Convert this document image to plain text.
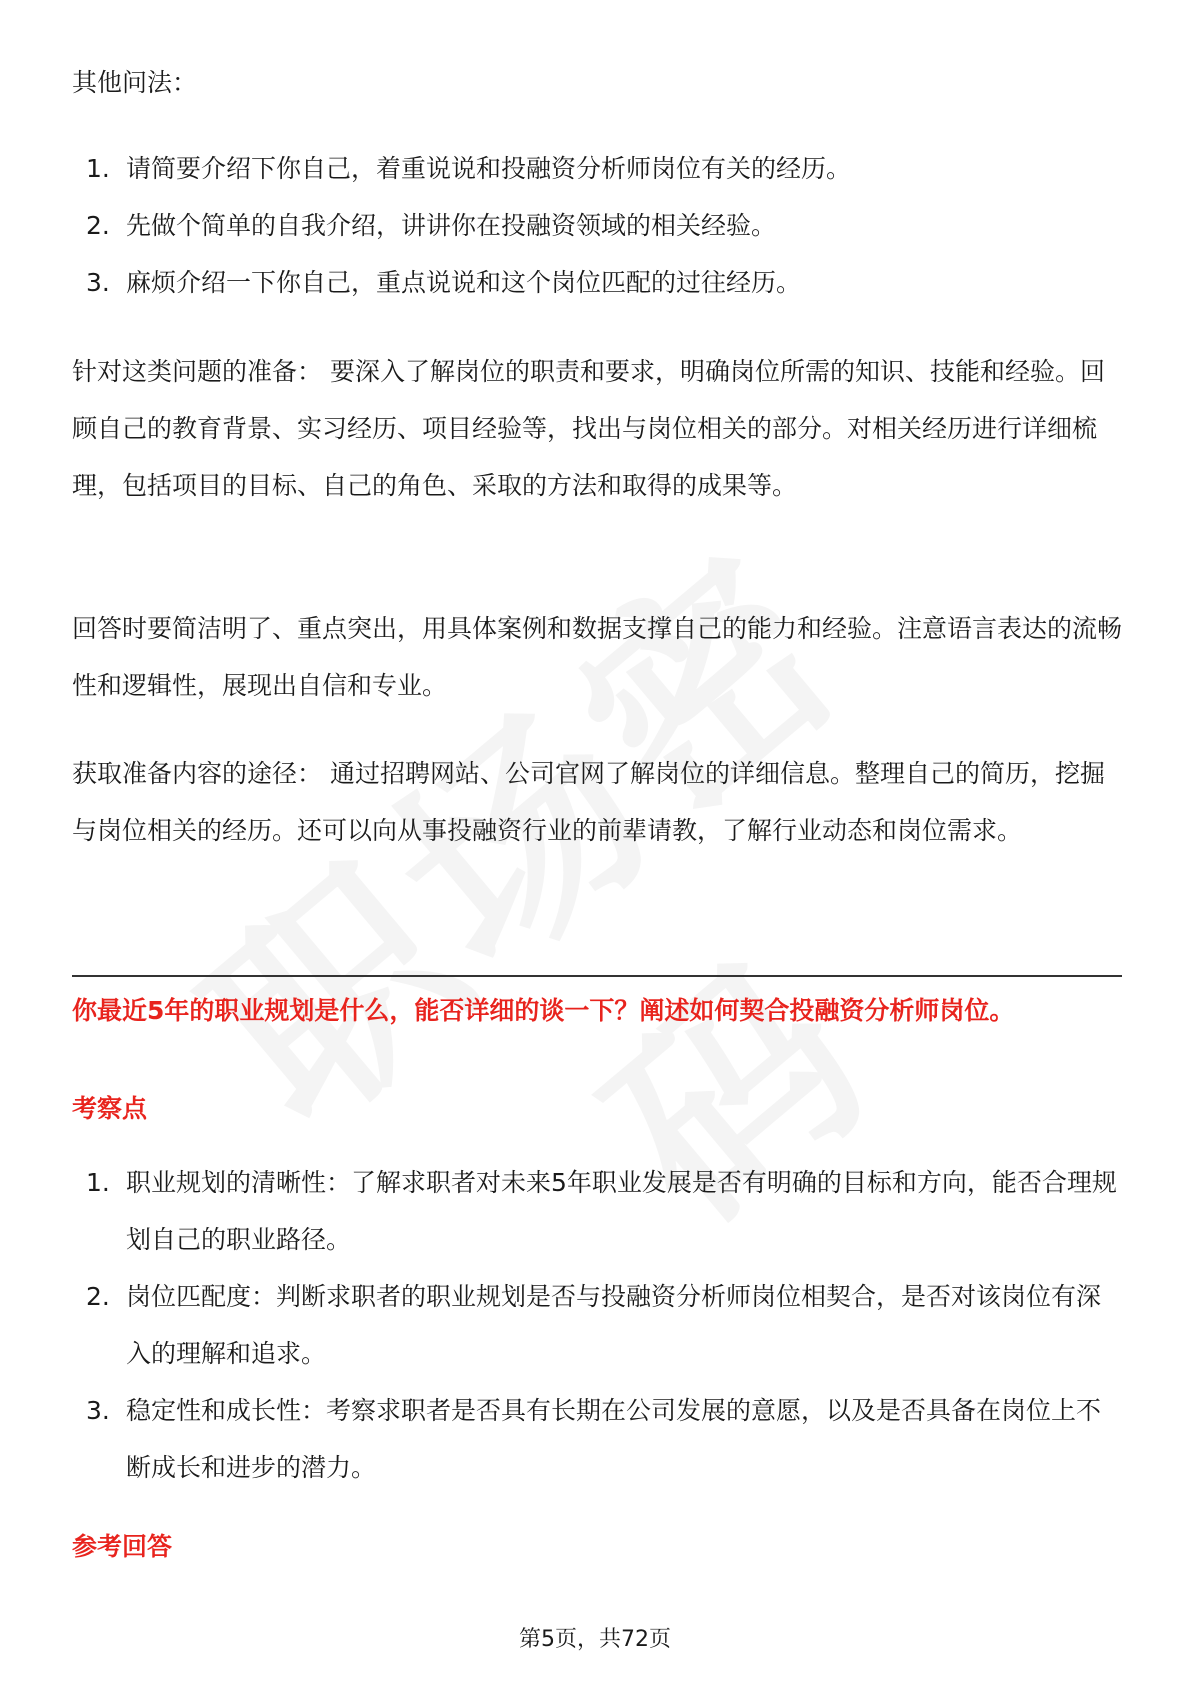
其他问法：

1. 请简要介绍下你自己，着重说说和投融资分析师岗位有关的经历。
2. 先做个简单的自我介绍，讲讲你在投融资领域的相关经验。
3. 麻烦介绍一下你自己，重点说说和这个岗位匹配的过往经历。

针对这类问题的准备： 要深入了解岗位的职责和要求，明确岗位所需的知识、技能和经验。回顾自己的教育背景、实习经历、项目经验等，找出与岗位相关的部分。对相关经历进行详细梳理，包括项目的目标、自己的角色、采取的方法和取得的成果等。

回答时要简洁明了、重点突出，用具体案例和数据支撑自己的能力和经验。注意语言表达的流畅性和逻辑性，展现出自信和专业。

获取准备内容的途径： 通过招聘网站、公司官网了解岗位的详细信息。整理自己的简历，挖掘与岗位相关的经历。还可以向从事投融资行业的前辈请教，了解行业动态和岗位需求。

你最近5年的职业规划是什么，能否详细的谈一下？阐述如何契合投融资分析师岗位。
考察点
1. 职业规划的清晰性：了解求职者对未来5年职业发展是否有明确的目标和方向，能否合理规划自己的职业路径。
2. 岗位匹配度：判断求职者的职业规划是否与投融资分析师岗位相契合，是否对该岗位有深入的理解和追求。
3. 稳定性和成长性：考察求职者是否具有长期在公司发展的意愿，以及是否具备在岗位上不断成长和进步的潜力。
参考回答
第5页，共72页
